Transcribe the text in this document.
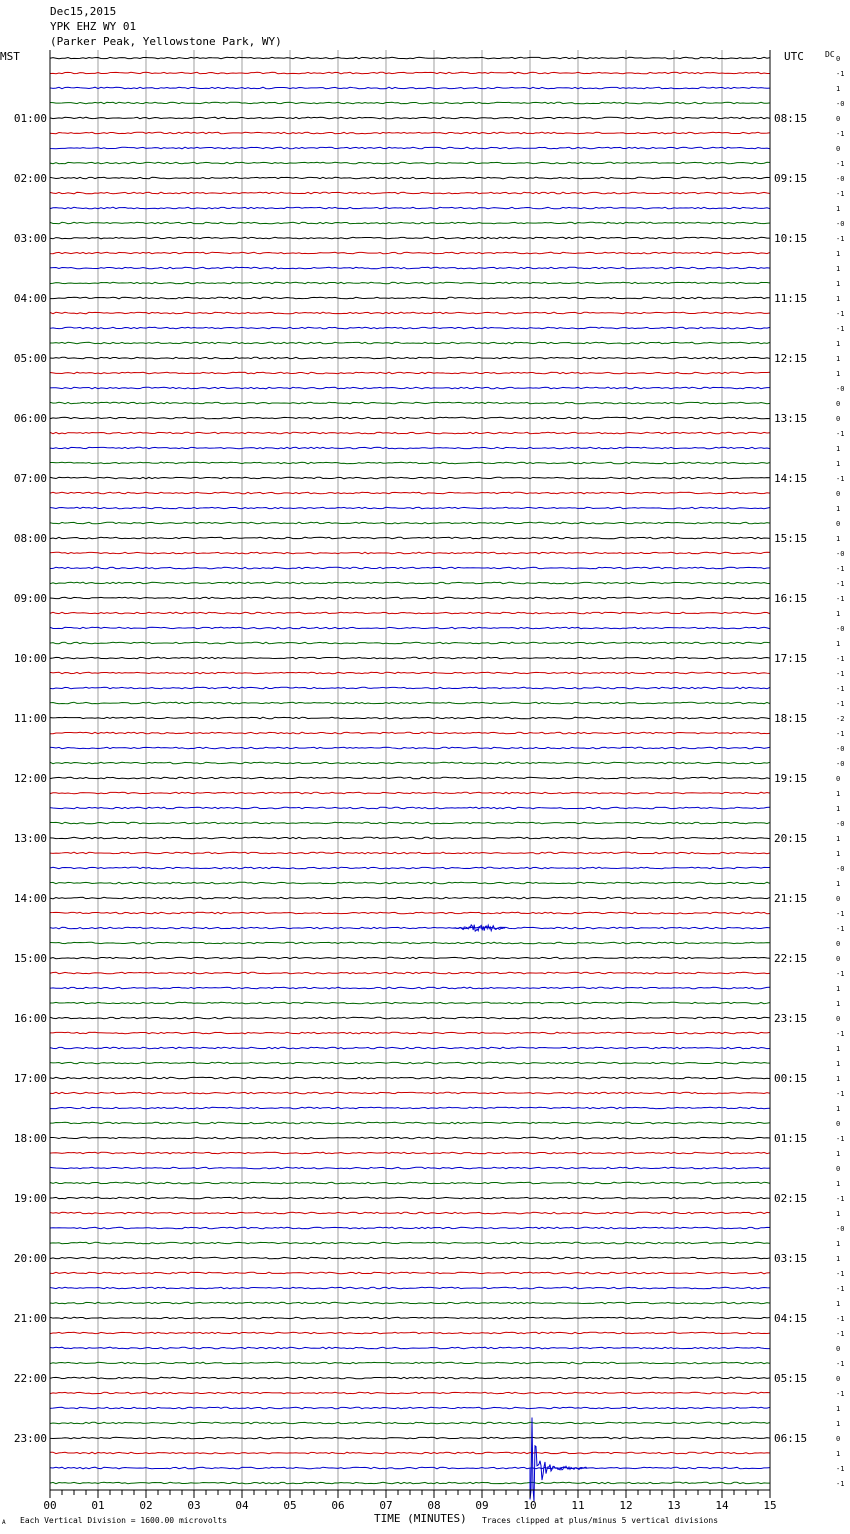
Dec15,2015
YPK EHZ WY 01
(Parker Peak, Yellowstone Park, WY)
MST	UTC	DC 0
-1
1
-0
0
-1
0
-1
-0
-1
1
-0
-1
1
1
1
1
-1
-1
1
1
1
-0
0
0
-1
1
1
-1
0
1
0
1
-0
-1
-1
-1
1
-0
1
-1
-1
-1
-1
-2
-1
-0
-0
0
1
1
-0
1
1
-0
1
0
-1
-1
0
0
-1
1
1
0
-1
1
1
1
-1
1
0
-1
1
0
1
-1
1
-0
1
1
-1
-1
1
-1
-1
0
-1
0
-1
1
1
0
1
-1
-1
01:00
02:00
03:00
04:00
05:00
06:00
07:00
08:00
09:00
10:00
11:00
12:00
13:00
14:00
15:00
16:00
17:00
18:00
19:00
20:00
21:00
22:00
23:00
08:15
09:15
10:15
11:15
12:15
13:15
14:15
15:15
16:15
17:15
18:15
19:15
20:15
21:15
22:15
23:15
00:15
01:15
02:15
03:15
04:15
05:15
06:15
00	01	02	03	04	05	06	07	08	09	10	11	12	13	14	15
A Each Vertical Division = 1600.00 microvolts	TIME (MINUTES) Traces clipped at plus/minus 5 vertical divisions
